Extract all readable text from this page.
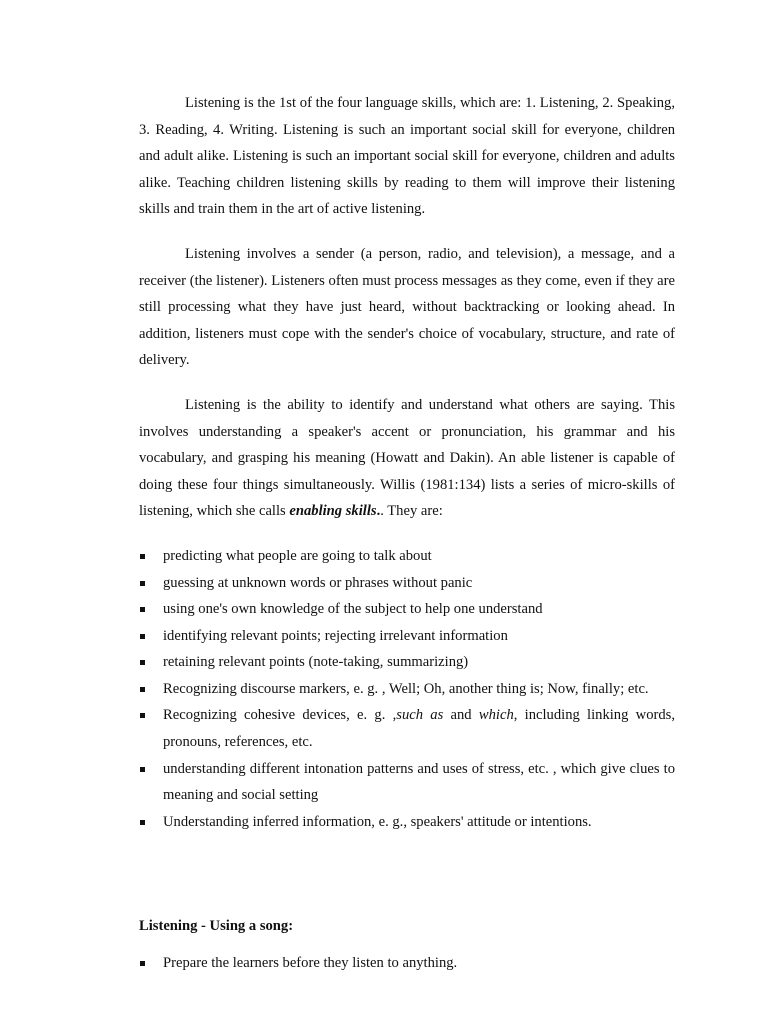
Listening is the 1st of the four language skills, which are: 1. Listening, 2. Speaking, 3. Reading, 4. Writing. Listening is such an important social skill for everyone, children and adult alike. Listening is such an important social skill for everyone, children and adults alike. Teaching children listening skills by reading to them will improve their listening skills and train them in the art of active listening.

Listening involves a sender (a person, radio, and television), a message, and a receiver (the listener). Listeners often must process messages as they come, even if they are still processing what they have just heard, without backtracking or looking ahead. In addition, listeners must cope with the sender's choice of vocabulary, structure, and rate of delivery.

Listening is the ability to identify and understand what others are saying. This involves understanding a speaker's accent or pronunciation, his grammar and his vocabulary, and grasping his meaning (Howatt and Dakin). An able listener is capable of doing these four things simultaneously. Willis (1981:134) lists a series of micro-skills of listening, which she calls enabling skills.. They are:

predicting what people are going to talk about
guessing at unknown words or phrases without panic
using one's own knowledge of the subject to help one understand
identifying relevant points; rejecting irrelevant information
retaining relevant points (note-taking, summarizing)
Recognizing discourse markers, e. g. , Well; Oh, another thing is; Now, finally; etc.
Recognizing cohesive devices, e. g. ,such as and which, including linking words, pronouns, references, etc.
understanding different intonation patterns and uses of stress, etc. , which give clues to meaning and social setting
Understanding inferred information, e. g., speakers' attitude or intentions.

Listening - Using a song:

Prepare the learners before they listen to anything.
